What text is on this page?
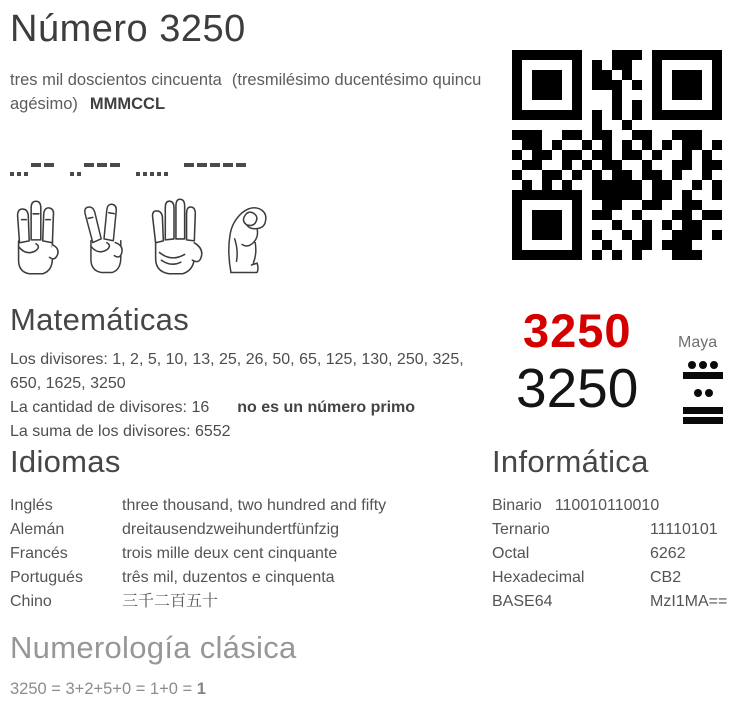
Número 3250

tres mil doscientos cincuenta (tresmilésimo ducentésimo quincuagésimo) MMMCCL

Matemáticas
Los divisores: 1, 2, 5, 10, 13, 25, 26, 50, 65, 125, 130, 250, 325, 650, 1625, 3250
La cantidad de divisores: 16 no es un número primo
La suma de los divisores: 6552
3250
3250
Maya
Idiomas
Inglés	three thousand, two hundred and fifty
Alemán	dreitausendzweihundertfünfzig
Francés	trois mille deux cent cinquante
Portugués	três mil, duzentos e cinquenta
Chino	三千二百五十
Informática
Binario 110010110010
Ternario	11110101
Octal	6262
Hexadecimal	CB2
BASE64	MzI1MA==
Numerología clásica

3250 = 3+2+5+0 = 1+0 = 1
